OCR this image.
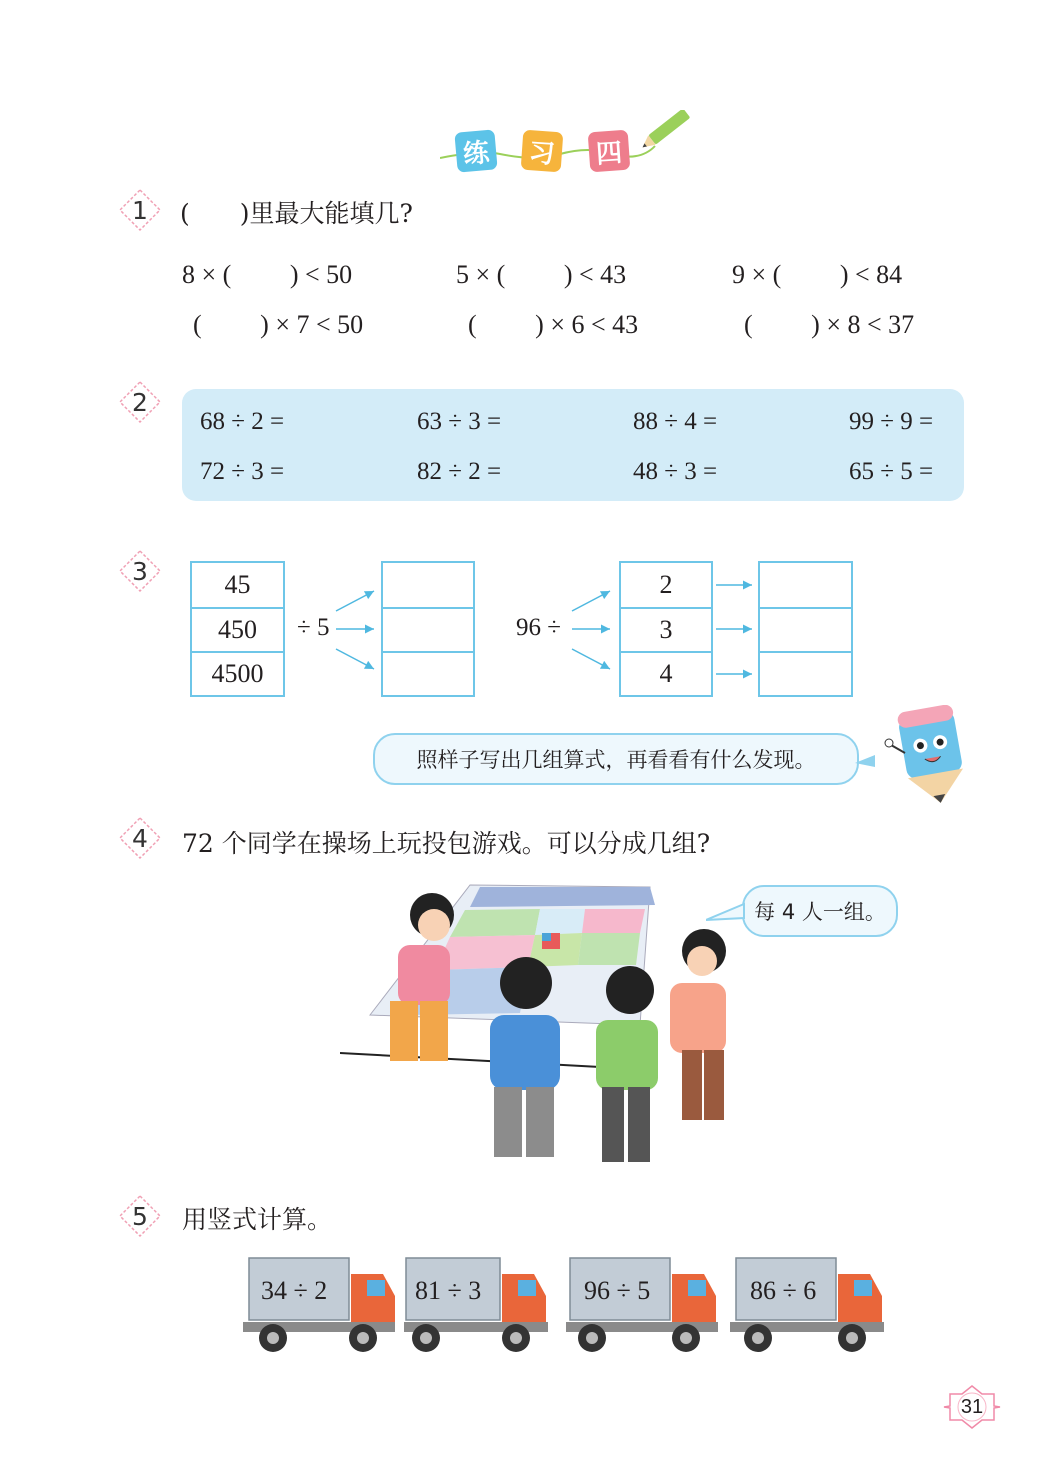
练 习 四
1	(　　)里最大能填几?
8 × (　　 ) < 50	5 × (　　 ) < 43	9 × (　　 ) < 84
(　　 ) × 7 < 50	(　　 ) × 6 < 43	(　　 ) × 8 < 37
2
68 ÷ 2 =	63 ÷ 3 =	88 ÷ 4 =	99 ÷ 9 =
72 ÷ 3 =	82 ÷ 2 =	48 ÷ 3 =	65 ÷ 5 =
3	45
450
4500
÷ 5	96 ÷
2
3
4
照样子写出几组算式，再看看有什么发现。
4	72 个同学在操场上玩投包游戏。可以分成几组?
每 4 人一组。
5	用竖式计算。
34 ÷ 2	81 ÷ 3	96 ÷ 5	86 ÷ 6
31
